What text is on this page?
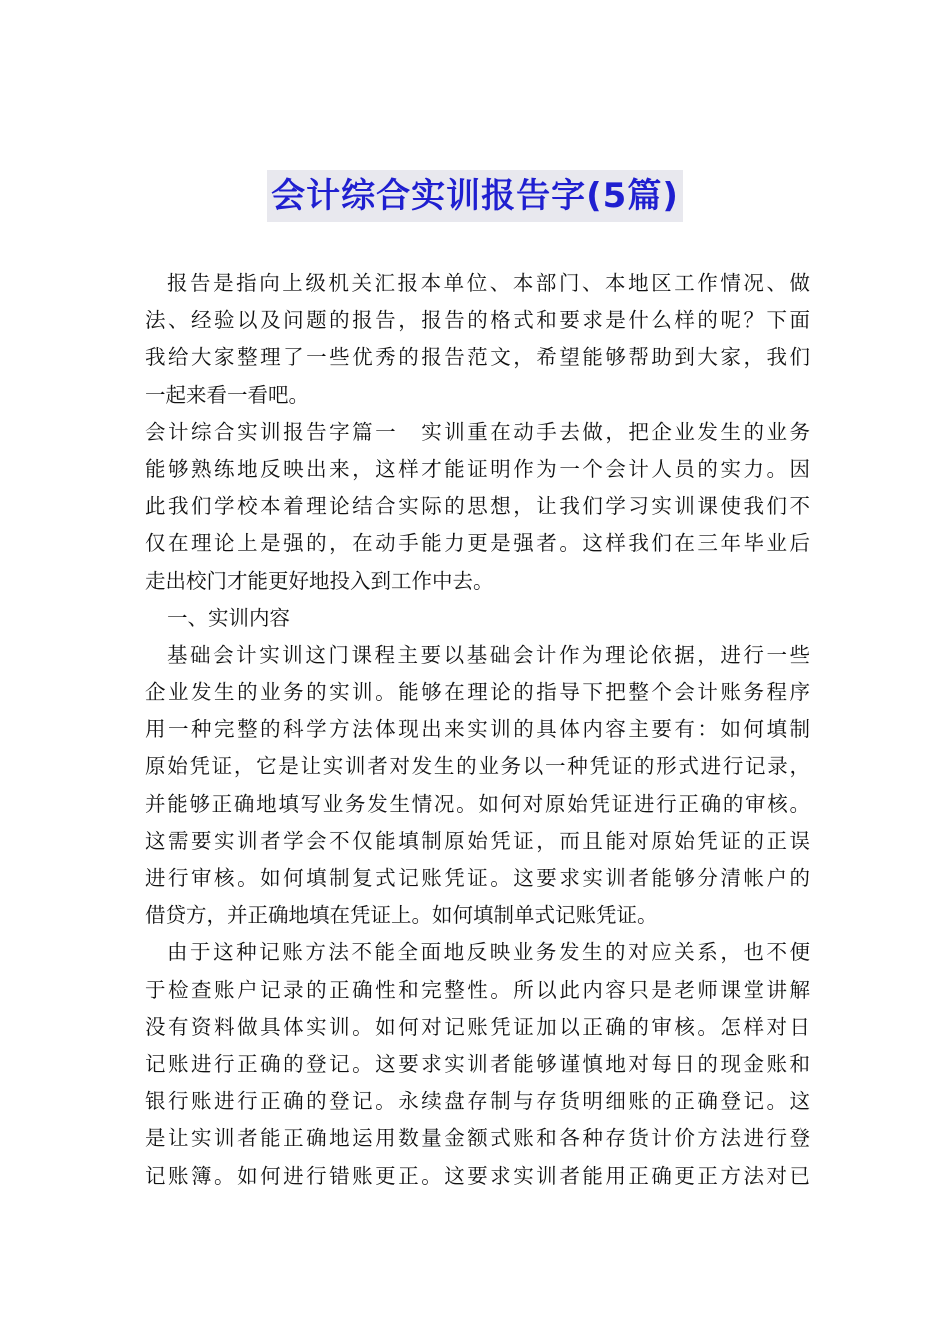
会计综合实训报告字(5篇)
报告是指向上级机关汇报本单位、本部门、本地区工作情况、做
法、经验以及问题的报告，报告的格式和要求是什么样的呢？下面
我给大家整理了一些优秀的报告范文，希望能够帮助到大家，我们
一起来看一看吧。
会计综合实训报告字篇一　实训重在动手去做，把企业发生的业务
能够熟练地反映出来，这样才能证明作为一个会计人员的实力。因
此我们学校本着理论结合实际的思想，让我们学习实训课使我们不
仅在理论上是强的，在动手能力更是强者。这样我们在三年毕业后
走出校门才能更好地投入到工作中去。
一、实训内容
基础会计实训这门课程主要以基础会计作为理论依据，进行一些
企业发生的业务的实训。能够在理论的指导下把整个会计账务程序
用一种完整的科学方法体现出来实训的具体内容主要有：如何填制
原始凭证，它是让实训者对发生的业务以一种凭证的形式进行记录，
并能够正确地填写业务发生情况。如何对原始凭证进行正确的审核。
这需要实训者学会不仅能填制原始凭证，而且能对原始凭证的正误
进行审核。如何填制复式记账凭证。这要求实训者能够分清帐户的
借贷方，并正确地填在凭证上。如何填制单式记账凭证。
由于这种记账方法不能全面地反映业务发生的对应关系，也不便
于检查账户记录的正确性和完整性。所以此内容只是老师课堂讲解
没有资料做具体实训。如何对记账凭证加以正确的审核。怎样对日
记账进行正确的登记。这要求实训者能够谨慎地对每日的现金账和
银行账进行正确的登记。永续盘存制与存货明细账的正确登记。这
是让实训者能正确地运用数量金额式账和各种存货计价方法进行登
记账簿。如何进行错账更正。这要求实训者能用正确更正方法对已
